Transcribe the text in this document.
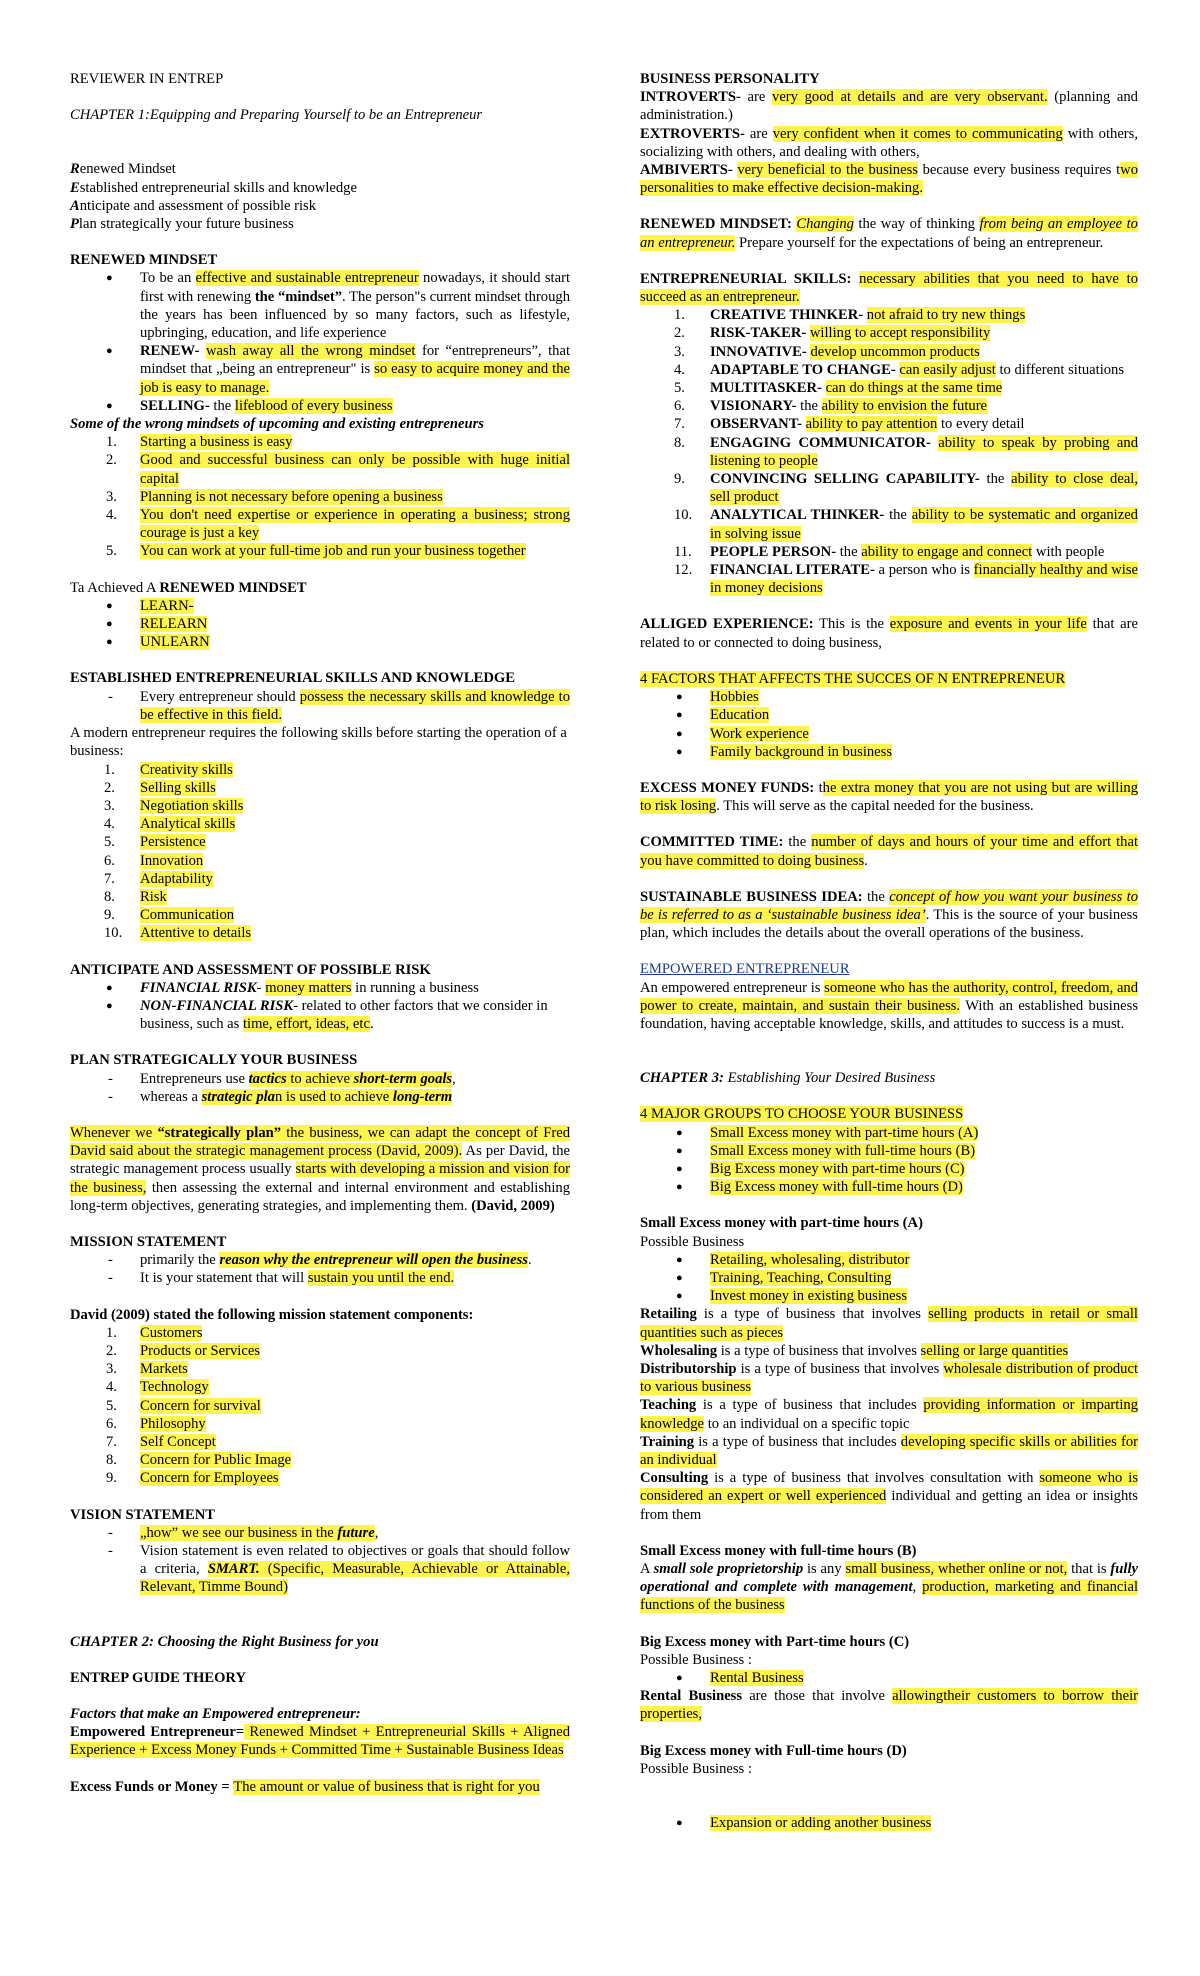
REVIEWER IN ENTREP

CHAPTER 1:Equipping and Preparing Yourself to be an Entrepreneur

Renewed Mindset

Established entrepreneurial skills and knowledge

Anticipate and assessment of possible risk

Plan strategically your future business

RENEWED MINDSET

● To be an effective and sustainable entrepreneur nowadays, it should start first with renewing the “mindset”. The person"s current mindset through the years has been influenced by so many factors, such as lifestyle, upbringing, education, and life experience
● RENEW- wash away all the wrong mindset for “entrepreneurs”, that mindset that „being an entrepreneur" is so easy to acquire money and the job is easy to manage.
● SELLING- the lifeblood of every business

Some of the wrong mindsets of upcoming and existing entrepreneurs

1.	Starting a business is easy
2.	Good and successful business can only be possible with huge initial capital
3.	Planning is not necessary before opening a business
4.	You don't need expertise or experience in operating a business; strong courage is just a key
5.	You can work at your full-time job and run your business together

Ta Achieved A RENEWED MINDSET

● LEARN-
● RELEARN
● UNLEARN

ESTABLISHED ENTREPRENEURIAL SKILLS AND KNOWLEDGE

- Every entrepreneur should possess the necessary skills and knowledge to be effective in this field.

A modern entrepreneur requires the following skills before starting the operation of a business:

1.	Creativity skills
2.	Selling skills
3.	Negotiation skills
4.	Analytical skills
5.	Persistence
6.	Innovation
7.	Adaptability
8.	Risk
9.	Communication
10.	Attentive to details

ANTICIPATE AND ASSESSMENT OF POSSIBLE RISK

● FINANCIAL RISK- money matters in running a business
● NON-FINANCIAL RISK- related to other factors that we consider in business, such as time, effort, ideas, etc.

PLAN STRATEGICALLY YOUR BUSINESS

- Entrepreneurs use tactics to achieve short-term goals,
- whereas a strategic plan is used to achieve long-term

Whenever we “strategically plan” the business, we can adapt the concept of Fred David said about the strategic management process (David, 2009). As per David, the strategic management process usually starts with developing a mission and vision for the business, then assessing the external and internal environment and establishing long-term objectives, generating strategies, and implementing them. (David, 2009)

MISSION STATEMENT

- primarily the reason why the entrepreneur will open the business.
- It is your statement that will sustain you until the end.

David (2009) stated the following mission statement components:

1.	Customers
2.	Products or Services
3.	Markets
4.	Technology
5.	Concern for survival
6.	Philosophy
7.	Self Concept
8.	Concern for Public Image
9.	Concern for Employees

VISION STATEMENT

- „how” we see our business in the future,
- Vision statement is even related to objectives or goals that should follow a criteria, SMART. (Specific, Measurable, Achievable or Attainable, Relevant, Timme Bound)

CHAPTER 2: Choosing the Right Business for you

ENTREP GUIDE THEORY

Factors that make an Empowered entrepreneur:

Empowered Entrepreneur= Renewed Mindset + Entrepreneurial Skills + Aligned Experience + Excess Money Funds + Committed Time + Sustainable Business Ideas

Excess Funds or Money = The amount or value of business that is right for you

BUSINESS PERSONALITY

INTROVERTS- are very good at details and are very observant. (planning and administration.)

EXTROVERTS- are very confident when it comes to communicating with others, socializing with others, and dealing with others,

AMBIVERTS- very beneficial to the business because every business requires two personalities to make effective decision-making.

RENEWED MINDSET: Changing the way of thinking from being an employee to an entrepreneur. Prepare yourself for the expectations of being an entrepreneur.

ENTREPRENEURIAL SKILLS: necessary abilities that you need to have to succeed as an entrepreneur.

1.	CREATIVE THINKER- not afraid to try new things
2.	RISK-TAKER- willing to accept responsibility
3.	INNOVATIVE- develop uncommon products
4.	ADAPTABLE TO CHANGE- can easily adjust to different situations
5.	MULTITASKER- can do things at the same time
6.	VISIONARY- the ability to envision the future
7.	OBSERVANT- ability to pay attention to every detail
8.	ENGAGING COMMUNICATOR- ability to speak by probing and listening to people
9.	CONVINCING SELLING CAPABILITY- the ability to close deal, sell product
10.	ANALYTICAL THINKER- the ability to be systematic and organized in solving issue
11.	PEOPLE PERSON- the ability to engage and connect with people
12.	FINANCIAL LITERATE- a person who is financially healthy and wise in money decisions

ALLIGED EXPERIENCE: This is the exposure and events in your life that are related to or connected to doing business,

4 FACTORS THAT AFFECTS THE SUCCES OF N ENTREPRENEUR

● Hobbies
● Education
● Work experience
● Family background in business

EXCESS MONEY FUNDS: the extra money that you are not using but are willing to risk losing. This will serve as the capital needed for the business.

COMMITTED TIME: the number of days and hours of your time and effort that you have committed to doing business.

SUSTAINABLE BUSINESS IDEA: the concept of how you want your business to be is referred to as a ‘sustainable business idea’. This is the source of your business plan, which includes the details about the overall operations of the business.

EMPOWERED ENTREPRENEUR

An empowered entrepreneur is someone who has the authority, control, freedom, and power to create, maintain, and sustain their business. With an established business foundation, having acceptable knowledge, skills, and attitudes to success is a must.

CHAPTER 3: Establishing Your Desired Business

4 MAJOR GROUPS TO CHOOSE YOUR BUSINESS

● Small Excess money with part-time hours (A)
● Small Excess money with full-time hours (B)
● Big Excess money with part-time hours (C)
● Big Excess money with full-time hours (D)

Small Excess money with part-time hours (A)

Possible Business

● Retailing, wholesaling, distributor
● Training, Teaching, Consulting
● Invest money in existing business

Retailing is a type of business that involves selling products in retail or small quantities such as pieces

Wholesaling is a type of business that involves selling or large quantities

Distributorship is a type of business that involves wholesale distribution of product to various business

Teaching is a type of business that includes providing information or imparting knowledge to an individual on a specific topic

Training is a type of business that includes developing specific skills or abilities for an individual

Consulting is a type of business that involves consultation with someone who is considered an expert or well experienced individual and getting an idea or insights from them

Small Excess money with full-time hours (B)

A small sole proprietorship is any small business, whether online or not, that is fully operational and complete with management, production, marketing and financial functions of the business

Big Excess money with Part-time hours (C)

Possible Business :

● Rental Business

Rental Business are those that involve allowingtheir customers to borrow their properties,

Big Excess money with Full-time hours (D)

Possible Business :

● Expansion or adding another business
